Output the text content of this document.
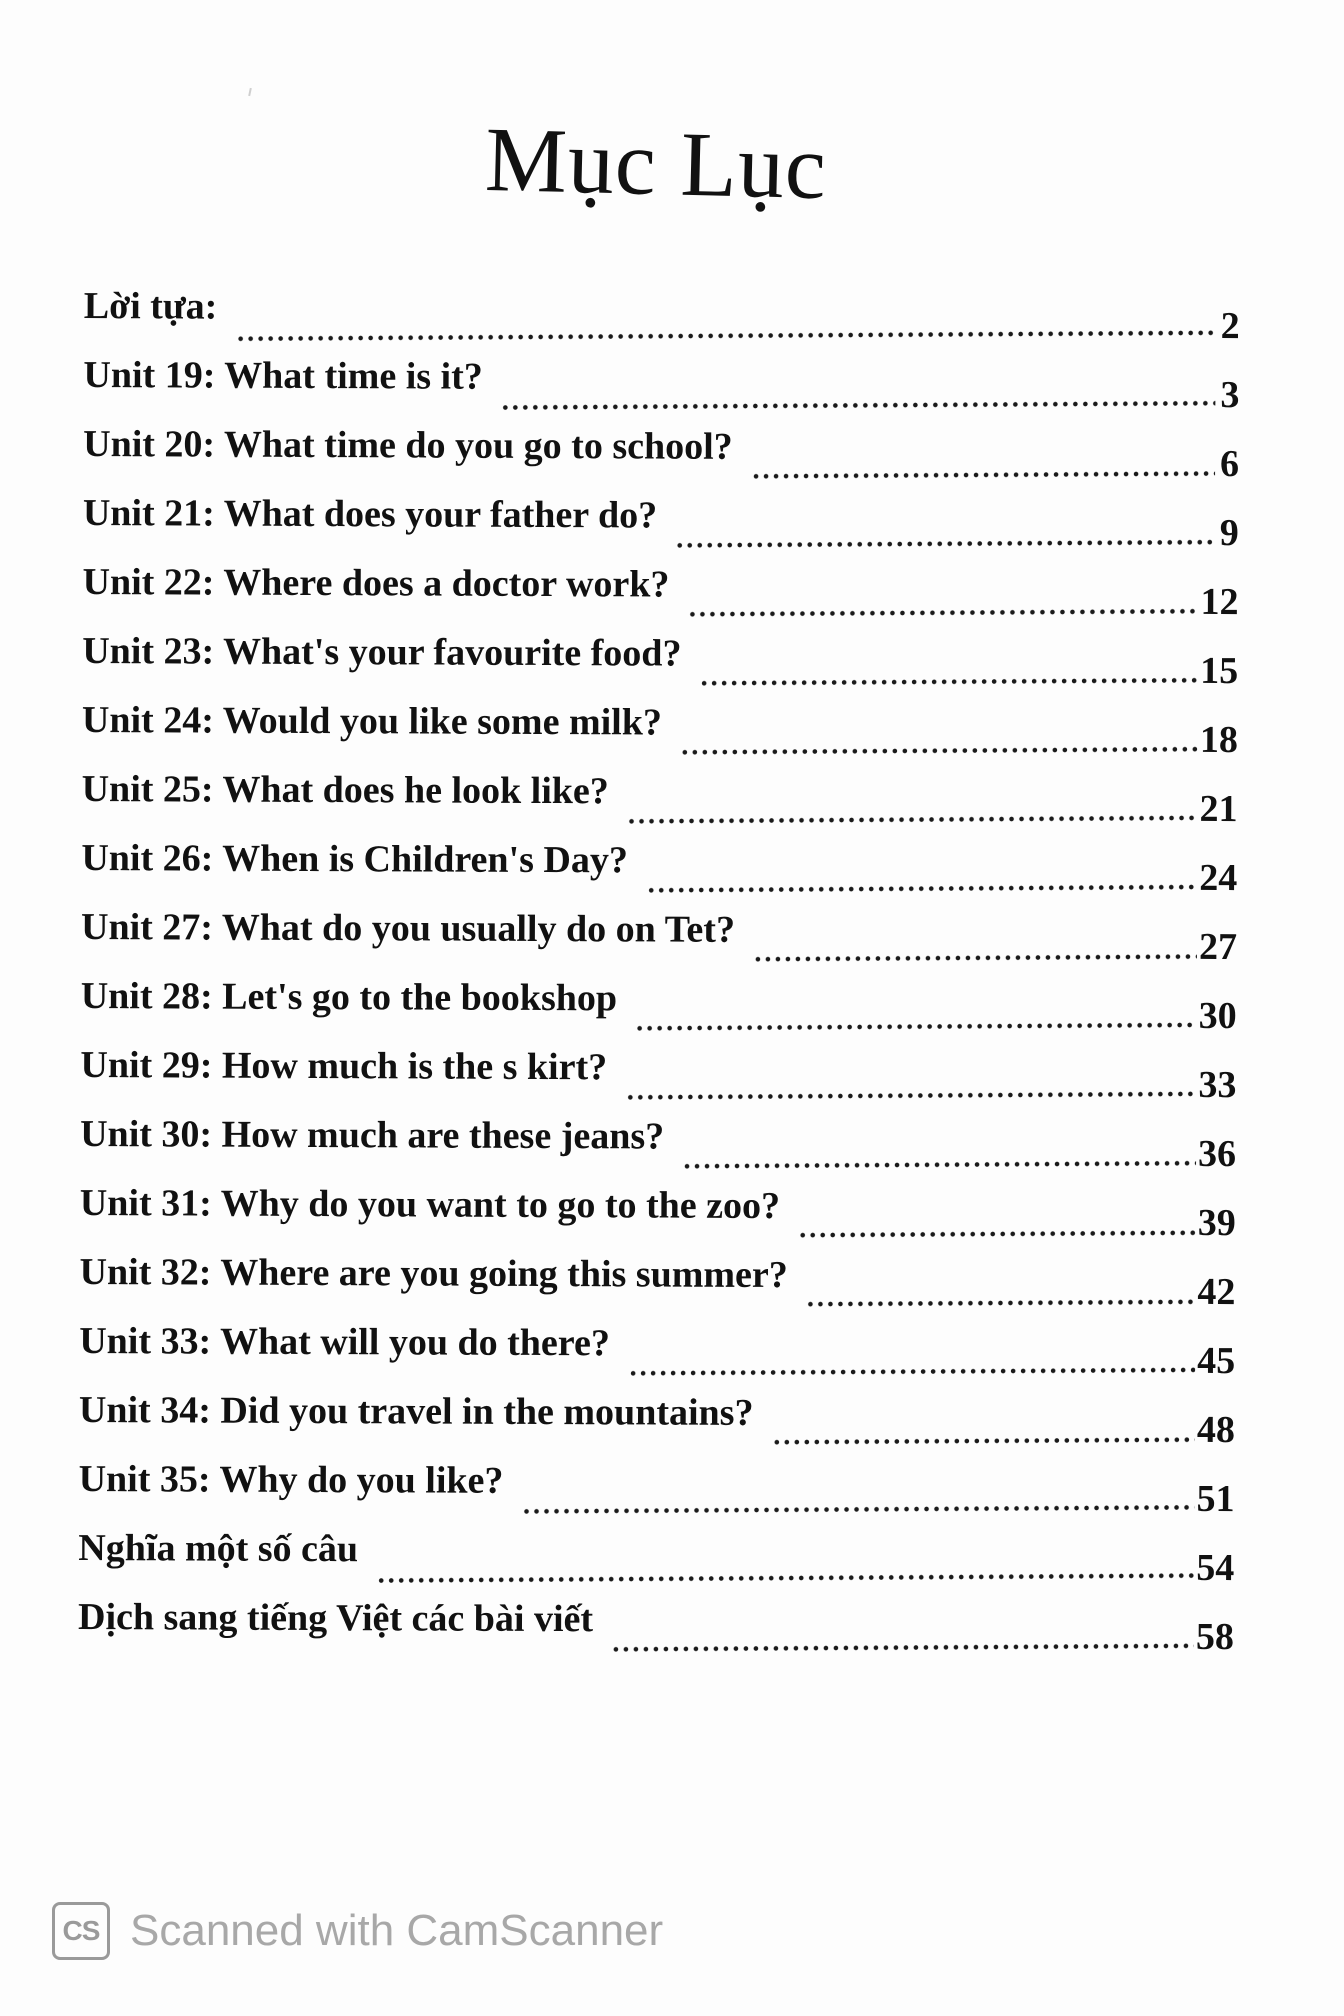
Mục Lục
Lời tựa:	2
Unit 19: What time is it?	3
Unit 20: What time do you go to school?	6
Unit 21: What does your father do?	9
Unit 22: Where does a doctor work?	12
Unit 23: What's your favourite food?	15
Unit 24: Would you like some milk?	18
Unit 25: What does he look like?	21
Unit 26: When is Children's Day?	24
Unit 27: What do you usually do on Tet?	27
Unit 28: Let's go to the bookshop	30
Unit 29: How much is the s kirt?	33
Unit 30: How much are these jeans?	36
Unit 31: Why do you want to go to the zoo?	39
Unit 32: Where are you going this summer?	42
Unit 33: What will you do there?	45
Unit 34: Did you travel in the mountains?	48
Unit 35: Why do you like?	51
Nghĩa một số câu	54
Dịch sang tiếng Việt các bài viết	58
CS Scanned with CamScanner
